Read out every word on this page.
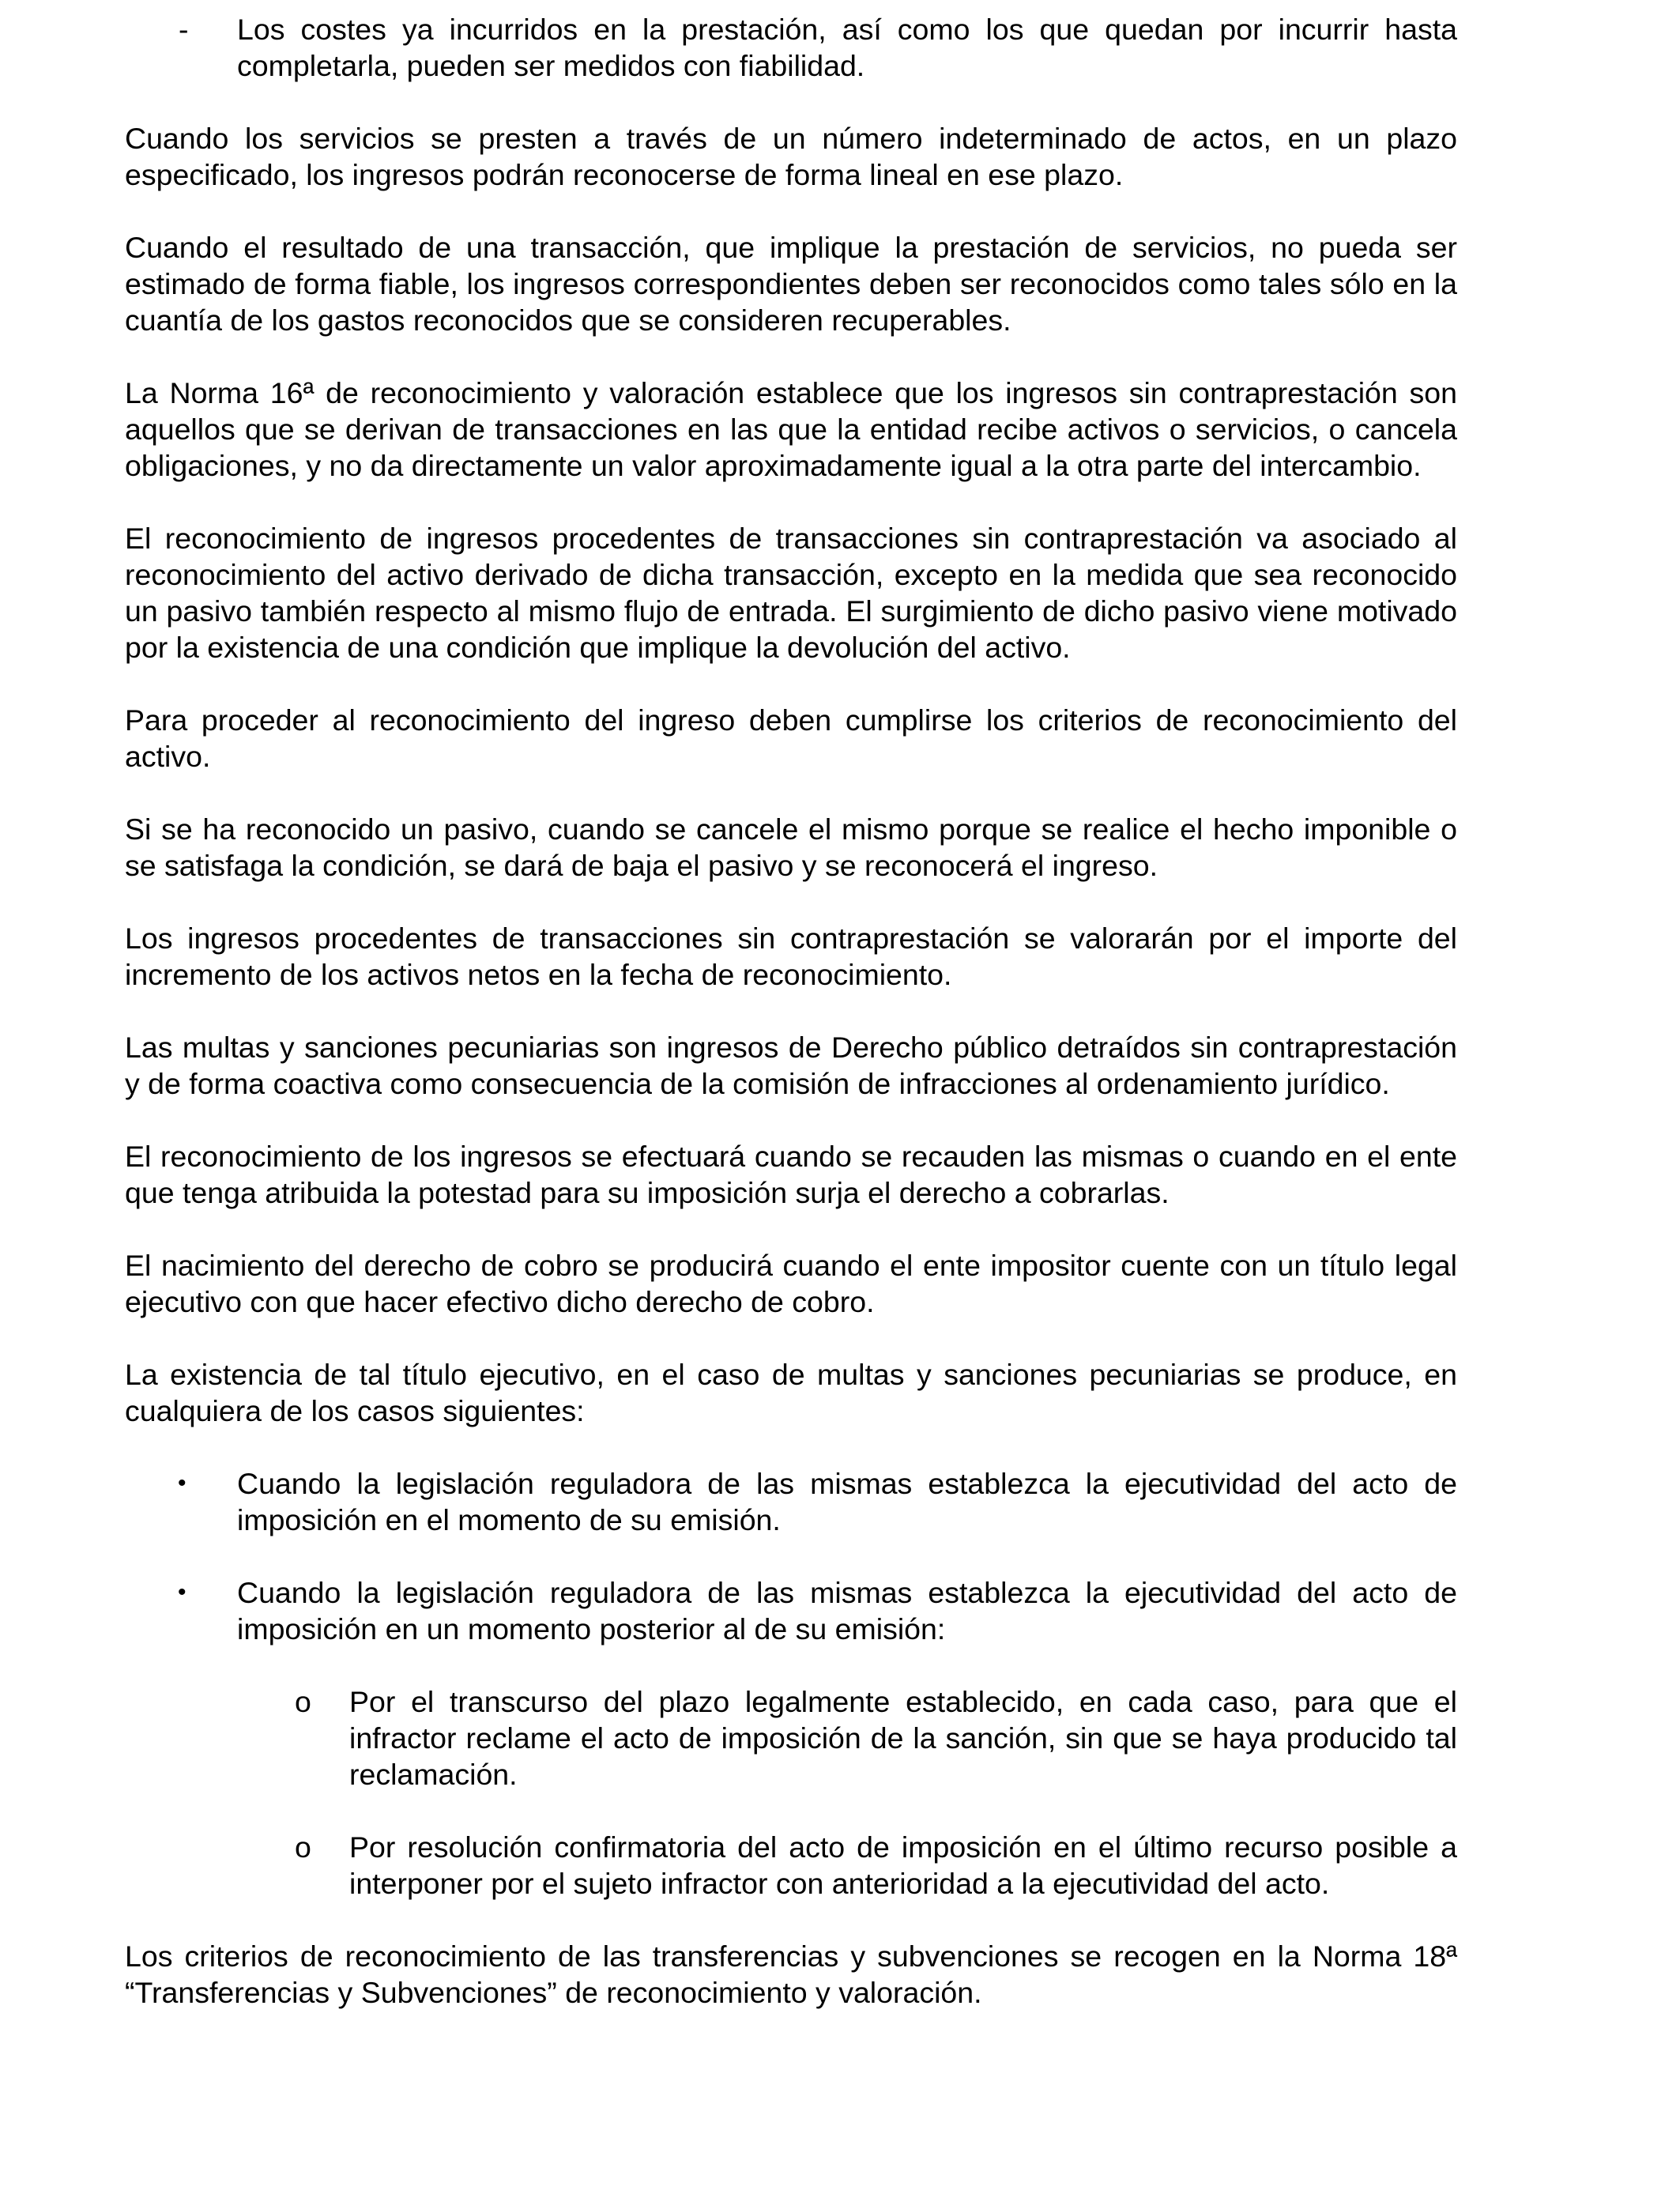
- Los costes ya incurridos en la prestación, así como los que quedan por incurrir hasta completarla, pueden ser medidos con fiabilidad.

Cuando los servicios se presten a través de un número indeterminado de actos, en un plazo especificado, los ingresos podrán reconocerse de forma lineal en ese plazo.

Cuando el resultado de una transacción, que implique la prestación de servicios, no pueda ser estimado de forma fiable, los ingresos correspondientes deben ser reconocidos como tales sólo en la cuantía de los gastos reconocidos que se consideren recuperables.

La Norma 16ª de reconocimiento y valoración establece que los ingresos sin contraprestación son aquellos que se derivan de transacciones en las que la entidad recibe activos o servicios, o cancela obligaciones, y no da directamente un valor aproximadamente igual a la otra parte del intercambio.

El reconocimiento de ingresos procedentes de transacciones sin contraprestación va asociado al reconocimiento del activo derivado de dicha transacción, excepto en la medida que sea reconocido un pasivo también respecto al mismo flujo de entrada. El surgimiento de dicho pasivo viene motivado por la existencia de una condición que implique la devolución del activo.

Para proceder al reconocimiento del ingreso deben cumplirse los criterios de reconocimiento del activo.

Si se ha reconocido un pasivo, cuando se cancele el mismo porque se realice el hecho imponible o se satisfaga la condición, se dará de baja el pasivo y se reconocerá el ingreso.

Los ingresos procedentes de transacciones sin contraprestación se valorarán por el importe del incremento de los activos netos en la fecha de reconocimiento.

Las multas y sanciones pecuniarias son ingresos de Derecho público detraídos sin contraprestación y de forma coactiva como consecuencia de la comisión de infracciones al ordenamiento jurídico.

El reconocimiento de los ingresos se efectuará cuando se recauden las mismas o cuando en el ente que tenga atribuida la potestad para su imposición surja el derecho a cobrarlas.

El nacimiento del derecho de cobro se producirá cuando el ente impositor cuente con un título legal ejecutivo con que hacer efectivo dicho derecho de cobro.

La existencia de tal título ejecutivo, en el caso de multas y sanciones pecuniarias se produce, en cualquiera de los casos siguientes:

• Cuando la legislación reguladora de las mismas establezca la ejecutividad del acto de imposición en el momento de su emisión.
• Cuando la legislación reguladora de las mismas establezca la ejecutividad del acto de imposición en un momento posterior al de su emisión:
o Por el transcurso del plazo legalmente establecido, en cada caso, para que el infractor reclame el acto de imposición de la sanción, sin que se haya producido tal reclamación.
o Por resolución confirmatoria del acto de imposición en el último recurso posible a interponer por el sujeto infractor con anterioridad a la ejecutividad del acto.

Los criterios de reconocimiento de las transferencias y subvenciones se recogen en la Norma 18ª “Transferencias y Subvenciones” de reconocimiento y valoración.
